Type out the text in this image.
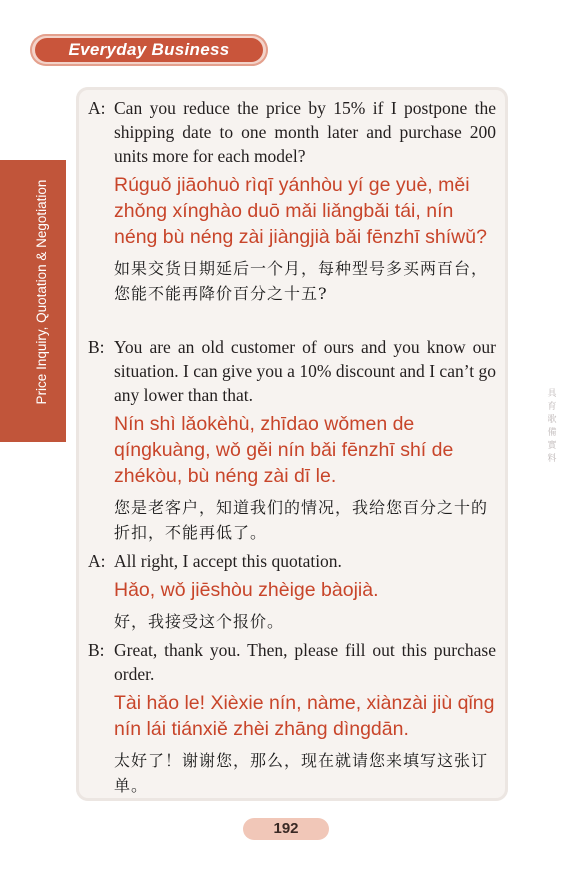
Everyday Business Chinese
Price Inquiry, Quotation & Negotiation
A: Can you reduce the price by 15% if I postpone the shipping date to one month later and purchase 200 units more for each model?
Rúguǒ jiāohuò rìqī yánhòu yí ge yuè, měi zhǒng xínghào duō mǎi liǎngbǎi tái, nín néng bù néng zài jiàngjià bǎi fēnzhī shíwǔ?
如果交货日期延后一个月，每种型号多买两百台，您能不能再降价百分之十五?
B: You are an old customer of ours and you know our situation. I can give you a 10% discount and I can’t go any lower than that.
Nín shì lǎokèhù, zhīdao wǒmen de qíngkuàng, wǒ gěi nín bǎi fēnzhī shí de zhékòu, bù néng zài dī le.
您是老客户，知道我们的情况，我给您百分之十的折扣，不能再低了。
A: All right, I accept this quotation.
Hǎo, wǒ jiēshòu zhèige bàojià.
好，我接受这个报价。
B: Great, thank you. Then, please fill out this purchase order.
Tài hǎo le! Xièxie nín, nàme, xiànzài jiù qǐng nín lái tiánxiě zhèi zhāng dìngdān.
太好了！谢谢您，那么，现在就请您来填写这张订单。
具育歌備實料
192
